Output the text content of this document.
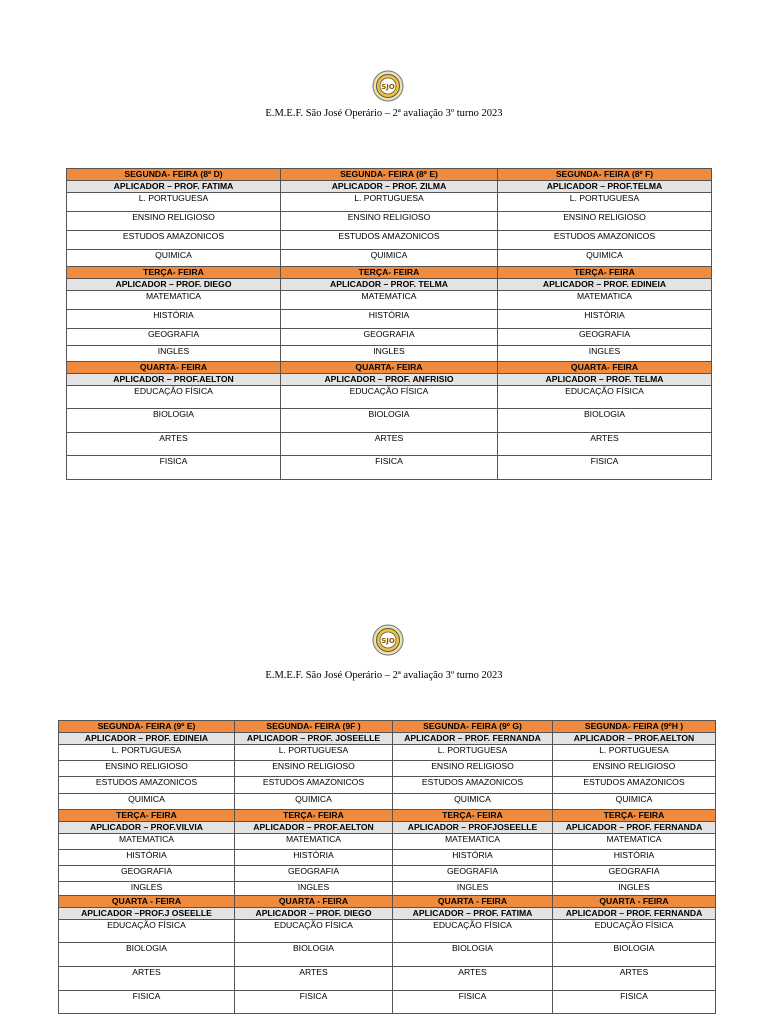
SJO
E.M.E.F. São José Operário – 2ª avaliação 3º turno 2023
SEGUNDA- FEIRA (8º D)	SEGUNDA- FEIRA (8º E)	SEGUNDA- FEIRA (8º F)
APLICADOR – PROF. FATIMA	APLICADOR – PROF. ZILMA	APLICADOR – PROF.TELMA
L. PORTUGUESA	L. PORTUGUESA	L. PORTUGUESA
ENSINO RELIGIOSO	ENSINO RELIGIOSO	ENSINO RELIGIOSO
ESTUDOS AMAZONICOS	ESTUDOS AMAZONICOS	ESTUDOS AMAZONICOS
QUIMICA	QUIMICA	QUIMICA
TERÇA- FEIRA	TERÇA- FEIRA	TERÇA- FEIRA
APLICADOR – PROF. DIEGO	APLICADOR – PROF. TELMA	APLICADOR – PROF. EDINEIA
MATEMATICA	MATEMATICA	MATEMATICA
HISTÓRIA	HISTÓRIA	HISTÓRIA
GEOGRAFIA	GEOGRAFIA	GEOGRAFIA
INGLES	INGLES	INGLES
QUARTA- FEIRA	QUARTA- FEIRA	QUARTA- FEIRA
APLICADOR – PROF.AELTON	APLICADOR – PROF. ANFRISIO	APLICADOR – PROF. TELMA
EDUCAÇÃO FÍSICA	EDUCAÇÃO FÍSICA	EDUCAÇÃO FÍSICA
BIOLOGIA	BIOLOGIA	BIOLOGIA
ARTES	ARTES	ARTES
FISICA	FISICA	FISICA
SJO
E.M.E.F. São José Operário – 2ª avaliação 3º turno 2023
SEGUNDA- FEIRA (9º E)	SEGUNDA- FEIRA (9F )	SEGUNDA- FEIRA (9º G)	SEGUNDA- FEIRA (9ºH )
APLICADOR – PROF. EDINEIA	APLICADOR – PROF. JOSEELLE	APLICADOR – PROF. FERNANDA	APLICADOR – PROF.AELTON
L. PORTUGUESA	L. PORTUGUESA	L. PORTUGUESA	L. PORTUGUESA
ENSINO RELIGIOSO	ENSINO RELIGIOSO	ENSINO RELIGIOSO	ENSINO RELIGIOSO
ESTUDOS AMAZONICOS	ESTUDOS AMAZONICOS	ESTUDOS AMAZONICOS	ESTUDOS AMAZONICOS
QUIMICA	QUIMICA	QUIMICA	QUIMICA
TERÇA- FEIRA	TERÇA- FEIRA	TERÇA- FEIRA	TERÇA- FEIRA
APLICADOR – PROF.VILVIA	APLICADOR – PROF.AELTON	APLICADOR – PROFJOSEELLE	APLICADOR – PROF. FERNANDA
MATEMATICA	MATEMATICA	MATEMATICA	MATEMATICA
HISTÓRIA	HISTÓRIA	HISTÓRIA	HISTÓRIA
GEOGRAFIA	GEOGRAFIA	GEOGRAFIA	GEOGRAFIA
INGLES	INGLES	INGLES	INGLES
QUARTA - FEIRA	QUARTA - FEIRA	QUARTA - FEIRA	QUARTA - FEIRA
APLICADOR –PROF.J OSEELLE	APLICADOR – PROF. DIEGO	APLICADOR – PROF. FATIMA	APLICADOR – PROF. FERNANDA
EDUCAÇÃO FÍSICA	EDUCAÇÃO FÍSICA	EDUCAÇÃO FÍSICA	EDUCAÇÃO FÍSICA
BIOLOGIA	BIOLOGIA	BIOLOGIA	BIOLOGIA
ARTES	ARTES	ARTES	ARTES
FISICA	FISICA	FISICA	FISICA
